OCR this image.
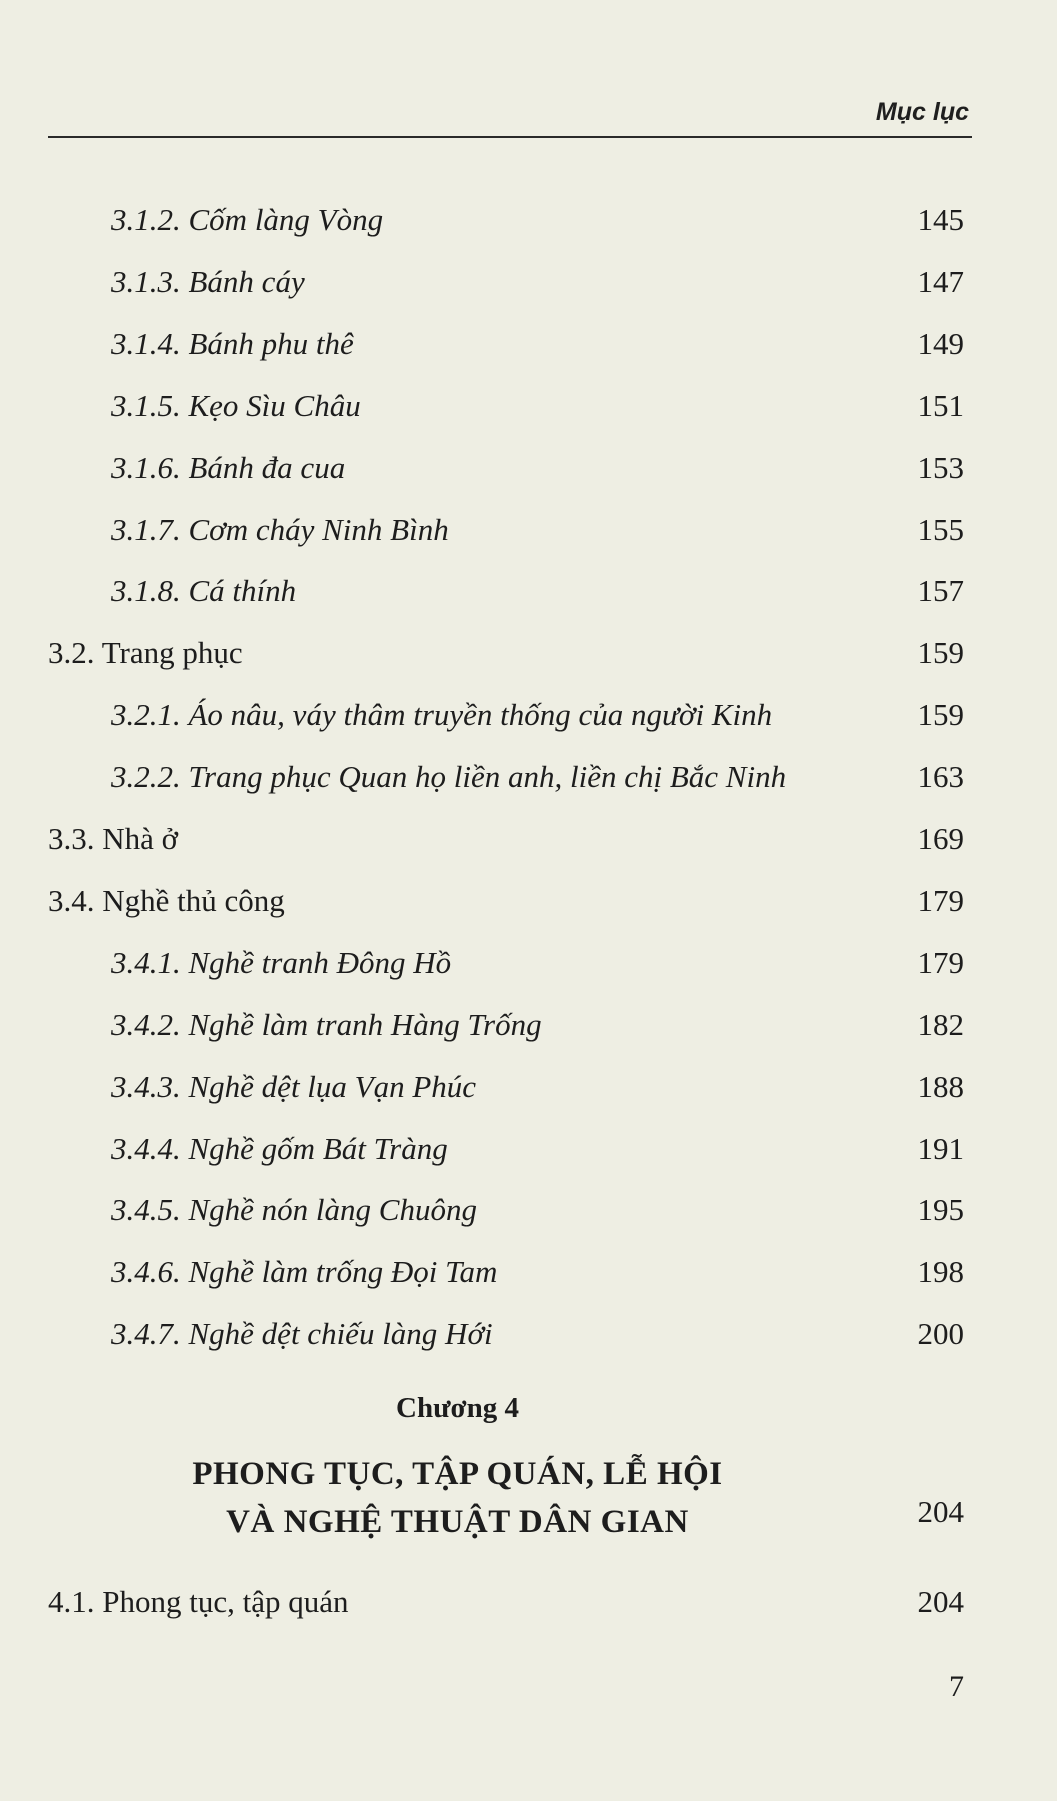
Mục lục
3.1.2. Cốm làng Vòng	145
3.1.3. Bánh cáy	147
3.1.4. Bánh phu thê	149
3.1.5. Kẹo Sìu Châu	151
3.1.6. Bánh đa cua	153
3.1.7. Cơm cháy Ninh Bình	155
3.1.8. Cá thính	157
3.2. Trang phục	159
3.2.1. Áo nâu, váy thâm truyền thống của người Kinh	159
3.2.2. Trang phục Quan họ liền anh, liền chị Bắc Ninh	163
3.3. Nhà ở	169
3.4. Nghề thủ công	179
3.4.1. Nghề tranh Đông Hồ	179
3.4.2. Nghề làm tranh Hàng Trống	182
3.4.3. Nghề dệt lụa Vạn Phúc	188
3.4.4. Nghề gốm Bát Tràng	191
3.4.5. Nghề nón làng Chuông	195
3.4.6. Nghề làm trống Đọi Tam	198
3.4.7. Nghề dệt chiếu làng Hới	200
Chương 4
PHONG TỤC, TẬP QUÁN, LỄ HỘI
VÀ NGHỆ THUẬT DÂN GIAN	204
4.1. Phong tục, tập quán	204
7
